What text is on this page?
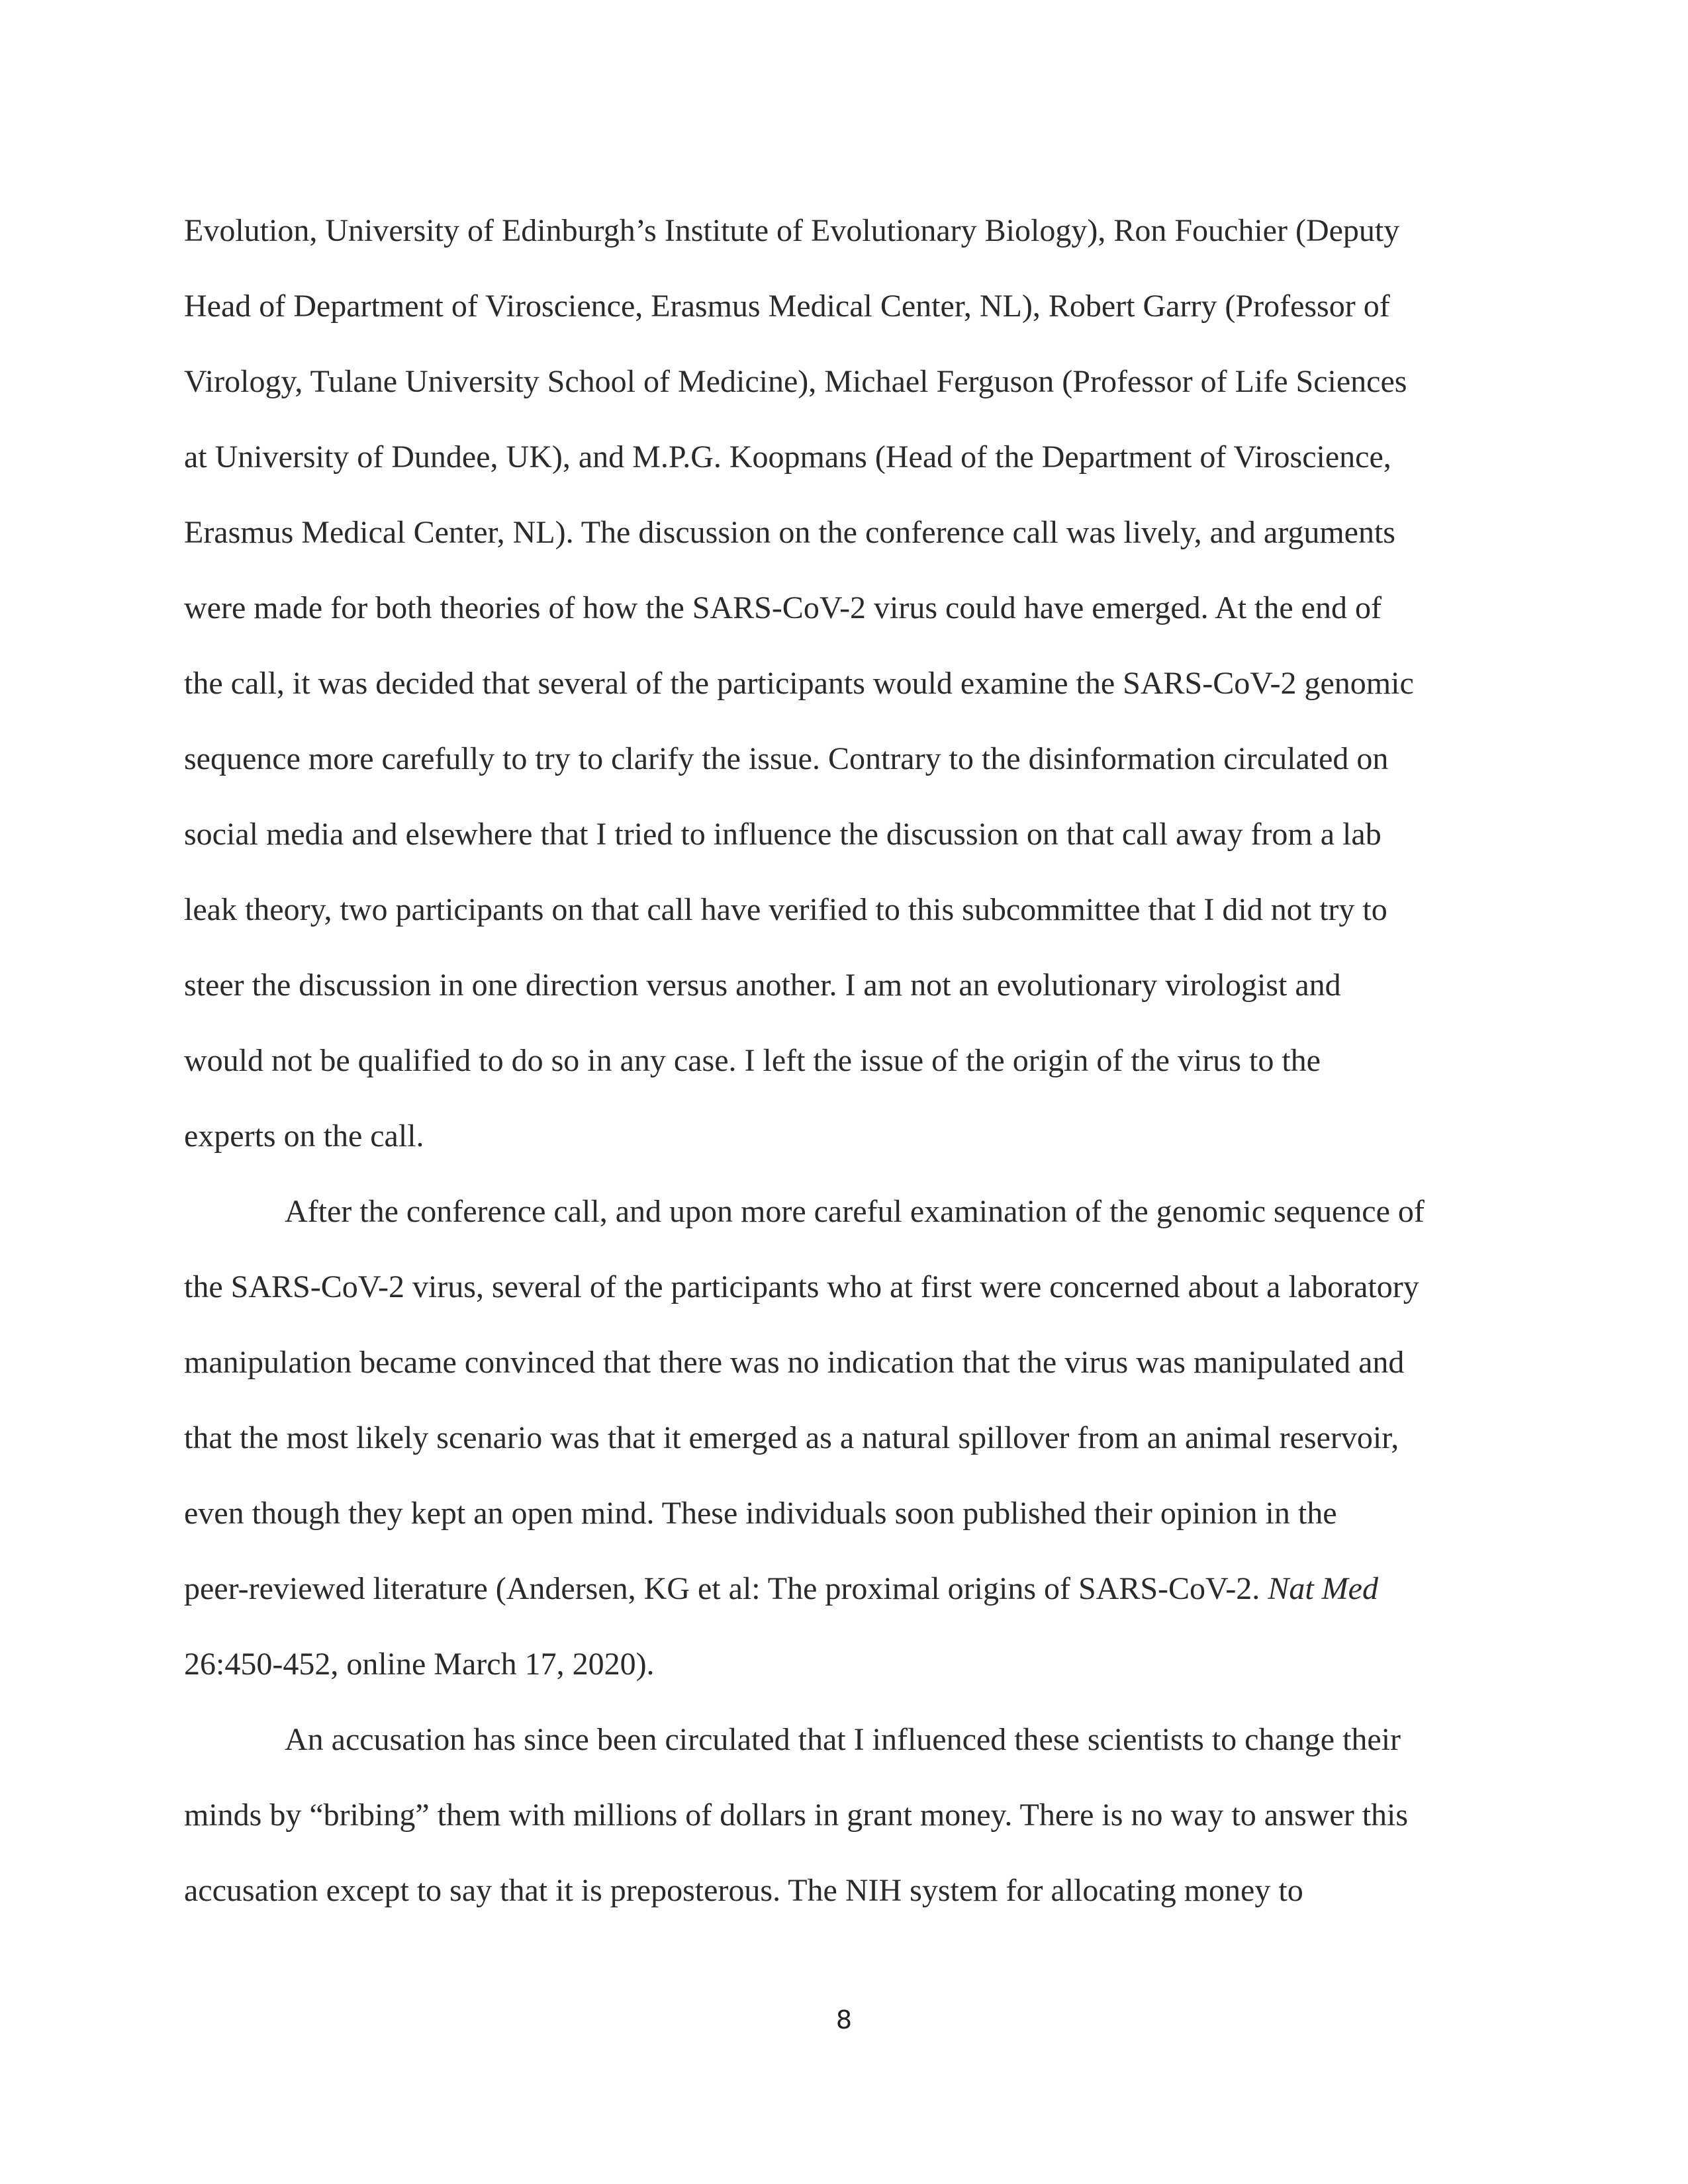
Evolution, University of Edinburgh’s Institute of Evolutionary Biology), Ron Fouchier (Deputy
Head of Department of Viroscience, Erasmus Medical Center, NL), Robert Garry (Professor of
Virology, Tulane University School of Medicine), Michael Ferguson (Professor of Life Sciences
at University of Dundee, UK), and M.P.G. Koopmans (Head of the Department of Viroscience,
Erasmus Medical Center, NL). The discussion on the conference call was lively, and arguments
were made for both theories of how the SARS-CoV-2 virus could have emerged. At the end of
the call, it was decided that several of the participants would examine the SARS-CoV-2 genomic
sequence more carefully to try to clarify the issue. Contrary to the disinformation circulated on
social media and elsewhere that I tried to influence the discussion on that call away from a lab
leak theory, two participants on that call have verified to this subcommittee that I did not try to
steer the discussion in one direction versus another. I am not an evolutionary virologist and
would not be qualified to do so in any case. I left the issue of the origin of the virus to the
experts on the call.
After the conference call, and upon more careful examination of the genomic sequence of
the SARS-CoV-2 virus, several of the participants who at first were concerned about a laboratory
manipulation became convinced that there was no indication that the virus was manipulated and
that the most likely scenario was that it emerged as a natural spillover from an animal reservoir,
even though they kept an open mind. These individuals soon published their opinion in the
peer-reviewed literature (Andersen, KG et al: The proximal origins of SARS-CoV-2. Nat Med
26:450-452, online March 17, 2020).
An accusation has since been circulated that I influenced these scientists to change their
minds by “bribing” them with millions of dollars in grant money. There is no way to answer this
accusation except to say that it is preposterous. The NIH system for allocating money to
8
